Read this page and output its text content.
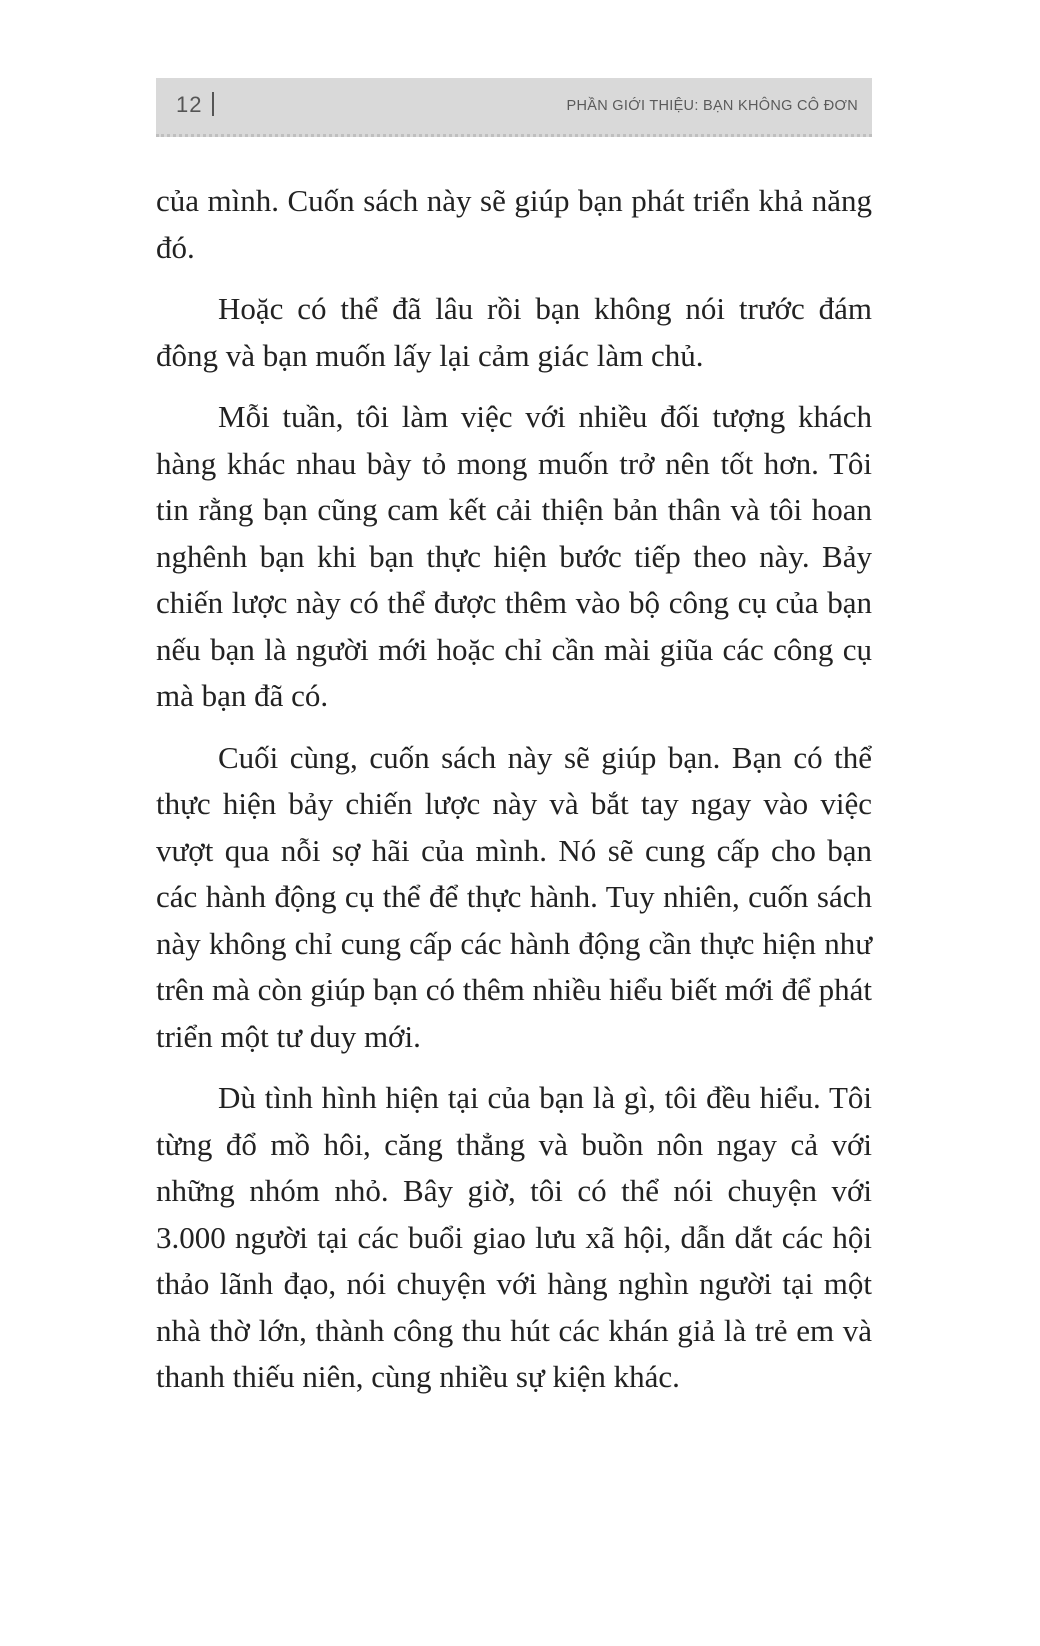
12	PHẦN GIỚI THIỆU: BẠN KHÔNG CÔ ĐƠN

của mình. Cuốn sách này sẽ giúp bạn phát triển khả năng đó.

Hoặc có thể đã lâu rồi bạn không nói trước đám đông và bạn muốn lấy lại cảm giác làm chủ.

Mỗi tuần, tôi làm việc với nhiều đối tượng khách hàng khác nhau bày tỏ mong muốn trở nên tốt hơn. Tôi tin rằng bạn cũng cam kết cải thiện bản thân và tôi hoan nghênh bạn khi bạn thực hiện bước tiếp theo này. Bảy chiến lược này có thể được thêm vào bộ công cụ của bạn nếu bạn là người mới hoặc chỉ cần mài giũa các công cụ mà bạn đã có.

Cuối cùng, cuốn sách này sẽ giúp bạn. Bạn có thể thực hiện bảy chiến lược này và bắt tay ngay vào việc vượt qua nỗi sợ hãi của mình. Nó sẽ cung cấp cho bạn các hành động cụ thể để thực hành. Tuy nhiên, cuốn sách này không chỉ cung cấp các hành động cần thực hiện như trên mà còn giúp bạn có thêm nhiều hiểu biết mới để phát triển một tư duy mới.

Dù tình hình hiện tại của bạn là gì, tôi đều hiểu. Tôi từng đổ mồ hôi, căng thẳng và buồn nôn ngay cả với những nhóm nhỏ. Bây giờ, tôi có thể nói chuyện với 3.000 người tại các buổi giao lưu xã hội, dẫn dắt các hội thảo lãnh đạo, nói chuyện với hàng nghìn người tại một nhà thờ lớn, thành công thu hút các khán giả là trẻ em và thanh thiếu niên, cùng nhiều sự kiện khác.
